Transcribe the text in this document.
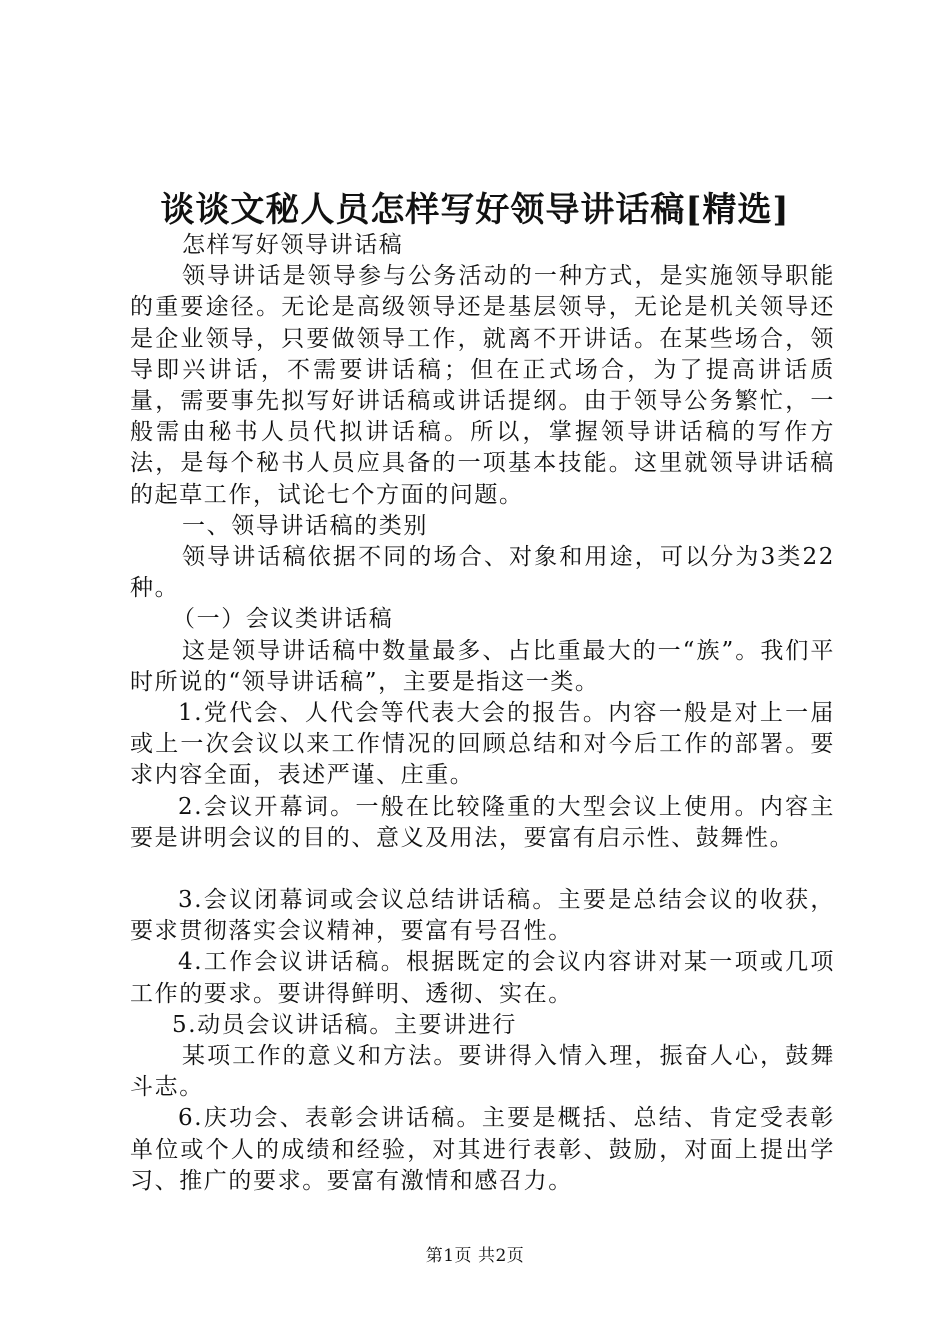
谈谈文秘人员怎样写好领导讲话稿[精选]

怎样写好领导讲话稿

领导讲话是领导参与公务活动的一种方式，是实施领导职能的重要途径。无论是高级领导还是基层领导，无论是机关领导还是企业领导，只要做领导工作，就离不开讲话。在某些场合，领导即兴讲话，不需要讲话稿；但在正式场合，为了提高讲话质量，需要事先拟写好讲话稿或讲话提纲。由于领导公务繁忙，一般需由秘书人员代拟讲话稿。所以，掌握领导讲话稿的写作方法，是每个秘书人员应具备的一项基本技能。这里就领导讲话稿的起草工作，试论七个方面的问题。

一、领导讲话稿的类别

领导讲话稿依据不同的场合、对象和用途，可以分为3类22种。

（一）会议类讲话稿

这是领导讲话稿中数量最多、占比重最大的一“族”。我们平时所说的“领导讲话稿”，主要是指这一类。

1.党代会、人代会等代表大会的报告。内容一般是对上一届或上一次会议以来工作情况的回顾总结和对今后工作的部署。要求内容全面，表述严谨、庄重。

2.会议开幕词。一般在比较隆重的大型会议上使用。内容主要是讲明会议的目的、意义及用法，要富有启示性、鼓舞性。

3.会议闭幕词或会议总结讲话稿。主要是总结会议的收获，要求贯彻落实会议精神，要富有号召性。

4.工作会议讲话稿。根据既定的会议内容讲对某一项或几项工作的要求。要讲得鲜明、透彻、实在。

5.动员会议讲话稿。主要讲进行

某项工作的意义和方法。要讲得入情入理，振奋人心，鼓舞斗志。

6.庆功会、表彰会讲话稿。主要是概括、总结、肯定受表彰单位或个人的成绩和经验，对其进行表彰、鼓励，对面上提出学习、推广的要求。要富有激情和感召力。

第1页 共2页
